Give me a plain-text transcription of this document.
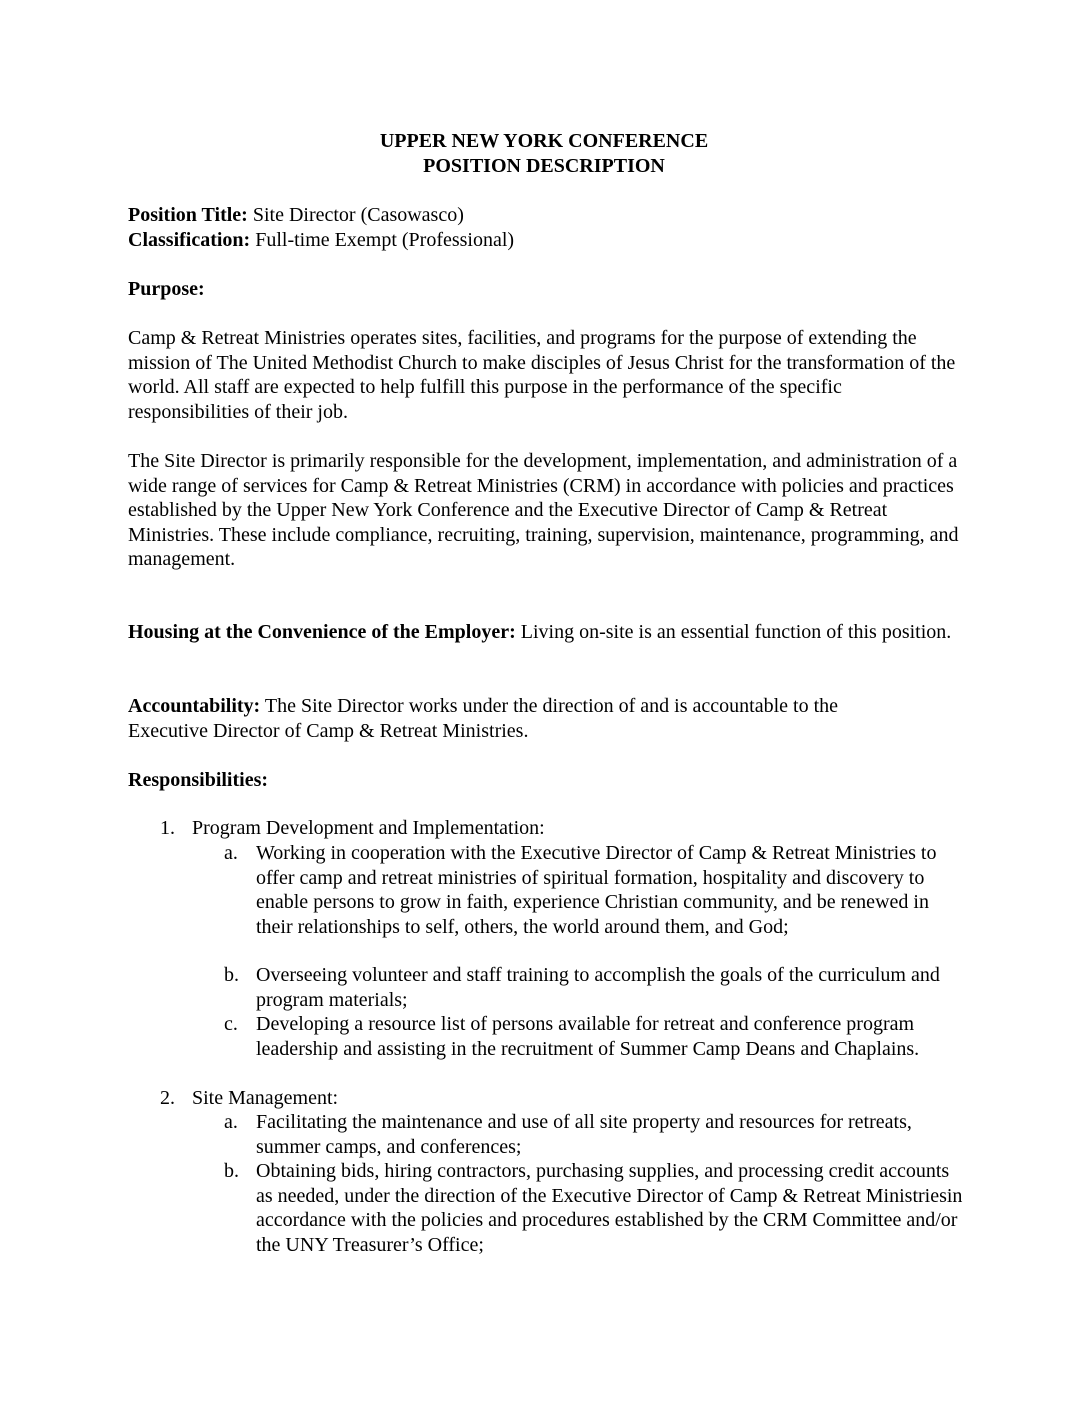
UPPER NEW YORK CONFERENCE
POSITION DESCRIPTION
Position Title: Site Director (Casowasco)
Classification: Full-time Exempt (Professional)
Purpose:

Camp & Retreat Ministries operates sites, facilities, and programs for the purpose of extending the mission of The United Methodist Church to make disciples of Jesus Christ for the transformation of the world. All staff are expected to help fulfill this purpose in the performance of the specific responsibilities of their job.

The Site Director is primarily responsible for the development, implementation, and administration of a wide range of services for Camp & Retreat Ministries (CRM) in accordance with policies and practices established by the Upper New York Conference and the Executive Director of Camp & Retreat Ministries. These include compliance, recruiting, training, supervision, maintenance, programming, and management.

Housing at the Convenience of the Employer: Living on-site is an essential function of this position.
Accountability: The Site Director works under the direction of and is accountable to the Executive Director of Camp & Retreat Ministries.
Responsibilities:
1. Program Development and Implementation:
a. Working in cooperation with the Executive Director of Camp & Retreat Ministries to offer camp and retreat ministries of spiritual formation, hospitality and discovery to enable persons to grow in faith, experience Christian community, and be renewed in their relationships to self, others, the world around them, and God;
b. Overseeing volunteer and staff training to accomplish the goals of the curriculum and program materials;
c. Developing a resource list of persons available for retreat and conference program leadership and assisting in the recruitment of Summer Camp Deans and Chaplains.
2. Site Management:
a. Facilitating the maintenance and use of all site property and resources for retreats, summer camps, and conferences;
b. Obtaining bids, hiring contractors, purchasing supplies, and processing credit accounts as needed, under the direction of the Executive Director of Camp & Retreat Ministriesin accordance with the policies and procedures established by the CRM Committee and/or the UNY Treasurer’s Office;
